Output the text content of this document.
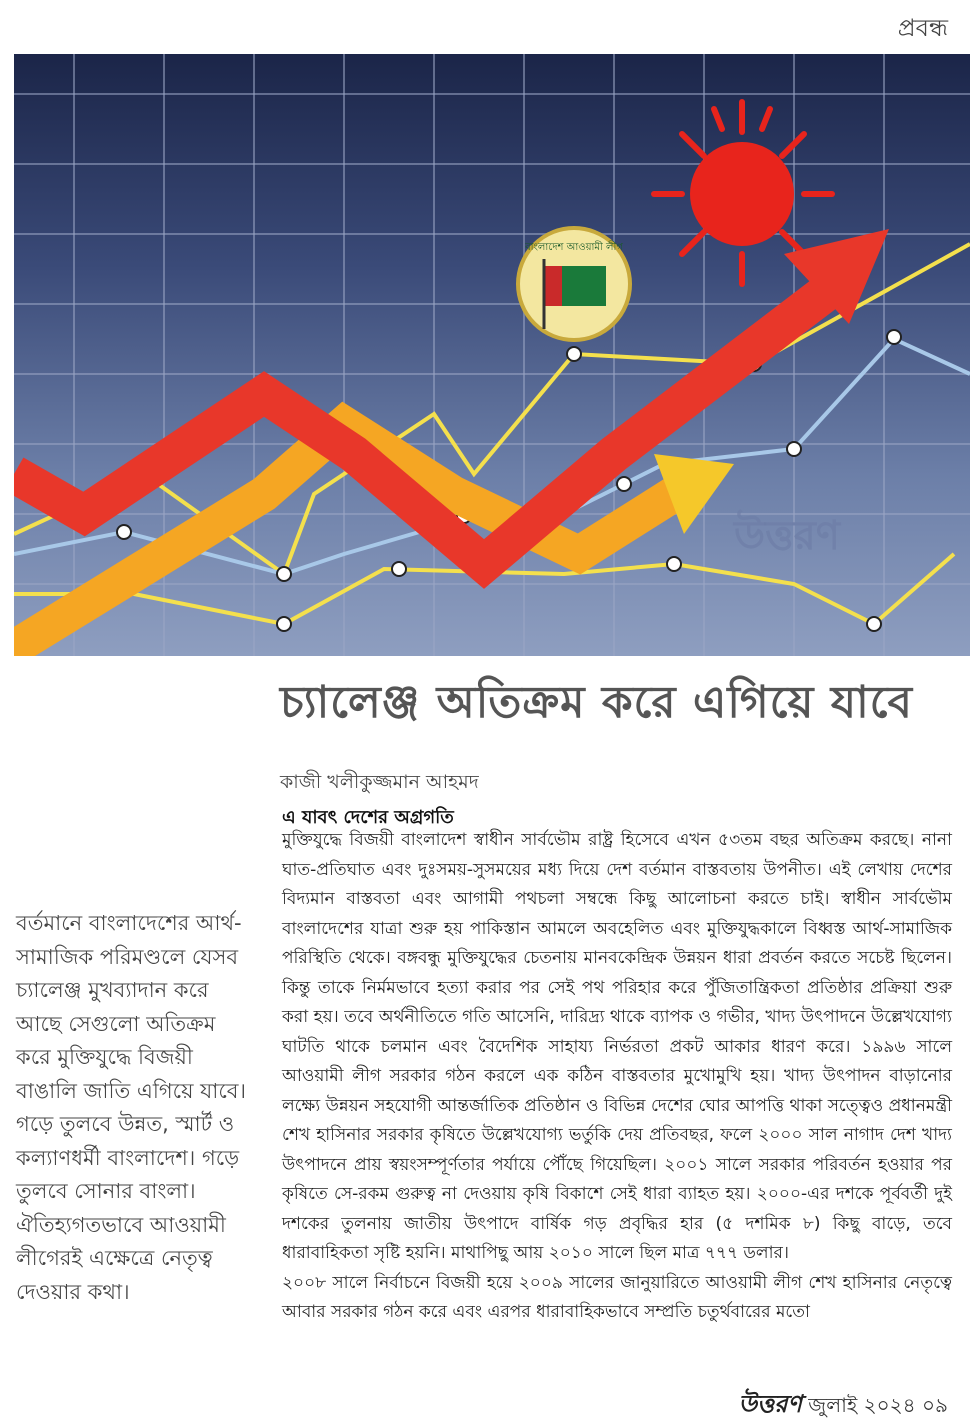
প্রবন্ধ
বাংলাদেশ আওয়ামী লীগ
উত্তরণ
চ্যালেঞ্জ অতিক্রম করে এগিয়ে যাবে
কাজী খলীকুজ্জমান আহমদ
এ যাবৎ দেশের অগ্রগতি

মুক্তিযুদ্ধে বিজয়ী বাংলাদেশ স্বাধীন সার্বভৌম রাষ্ট্র হিসেবে এখন ৫৩তম বছর অতিক্রম করছে। নানা ঘাত-প্রতিঘাত এবং দুঃসময়-সুসময়ের মধ্য দিয়ে দেশ বর্তমান বাস্তবতায় উপনীত। এই লেখায় দেশের বিদ্যমান বাস্তবতা এবং আগামী পথচলা সম্বন্ধে কিছু আলোচনা করতে চাই। স্বাধীন সার্বভৌম বাংলাদেশের যাত্রা শুরু হয় পাকিস্তান আমলে অবহেলিত এবং মুক্তিযুদ্ধকালে বিধ্বস্ত আর্থ-সামাজিক পরিস্থিতি থেকে। বঙ্গবন্ধু মুক্তিযুদ্ধের চেতনায় মানবকেন্দ্রিক উন্নয়ন ধারা প্রবর্তন করতে সচেষ্ট ছিলেন। কিন্তু তাকে নির্মমভাবে হত্যা করার পর সেই পথ পরিহার করে পুঁজিতান্ত্রিকতা প্রতিষ্ঠার প্রক্রিয়া শুরু করা হয়। তবে অর্থনীতিতে গতি আসেনি, দারিদ্র্য থাকে ব্যাপক ও গভীর, খাদ্য উৎপাদনে উল্লেখযোগ্য ঘাটতি থাকে চলমান এবং বৈদেশিক সাহায্য নির্ভরতা প্রকট আকার ধারণ করে। ১৯৯৬ সালে আওয়ামী লীগ সরকার গঠন করলে এক কঠিন বাস্তবতার মুখোমুখি হয়। খাদ্য উৎপাদন বাড়ানোর লক্ষ্যে উন্নয়ন সহযোগী আন্তর্জাতিক প্রতিষ্ঠান ও বিভিন্ন দেশের ঘোর আপত্তি থাকা সত্ত্বেও প্রধানমন্ত্রী শেখ হাসিনার সরকার কৃষিতে উল্লেখযোগ্য ভর্তুকি দেয় প্রতিবছর, ফলে ২০০০ সাল নাগাদ দেশ খাদ্য উৎপাদনে প্রায় স্বয়ংসম্পূর্ণতার পর্যায়ে পৌঁছে গিয়েছিল। ২০০১ সালে সরকার পরিবর্তন হওয়ার পর কৃষিতে সে-রকম গুরুত্ব না দেওয়ায় কৃষি বিকাশে সেই ধারা ব্যাহত হয়। ২০০০-এর দশকে পূর্ববর্তী দুই দশকের তুলনায় জাতীয় উৎপাদে বার্ষিক গড় প্রবৃদ্ধির হার (৫ দশমিক ৮) কিছু বাড়ে, তবে ধারাবাহিকতা সৃষ্টি হয়নি। মাথাপিছু আয় ২০১০ সালে ছিল মাত্র ৭৭৭ ডলার।

২০০৮ সালে নির্বাচনে বিজয়ী হয়ে ২০০৯ সালের জানুয়ারিতে আওয়ামী লীগ শেখ হাসিনার নেতৃত্বে আবার সরকার গঠন করে এবং এরপর ধারাবাহিকভাবে সম্প্রতি চতুর্থবারের মতো

বর্তমানে বাংলাদেশের আর্থ-সামাজিক পরিমণ্ডলে যেসব চ্যালেঞ্জ মুখব্যাদান করে আছে সেগুলো অতিক্রম করে মুক্তিযুদ্ধে বিজয়ী বাঙালি জাতি এগিয়ে যাবে। গড়ে তুলবে উন্নত, স্মার্ট ও কল্যাণধর্মী বাংলাদেশ। গড়ে তুলবে সোনার বাংলা। ঐতিহ্যগতভাবে আওয়ামী লীগেরই এক্ষেত্রে নেতৃত্ব দেওয়ার কথা।
উত্তরণ জুলাই ২০২৪ ০৯
